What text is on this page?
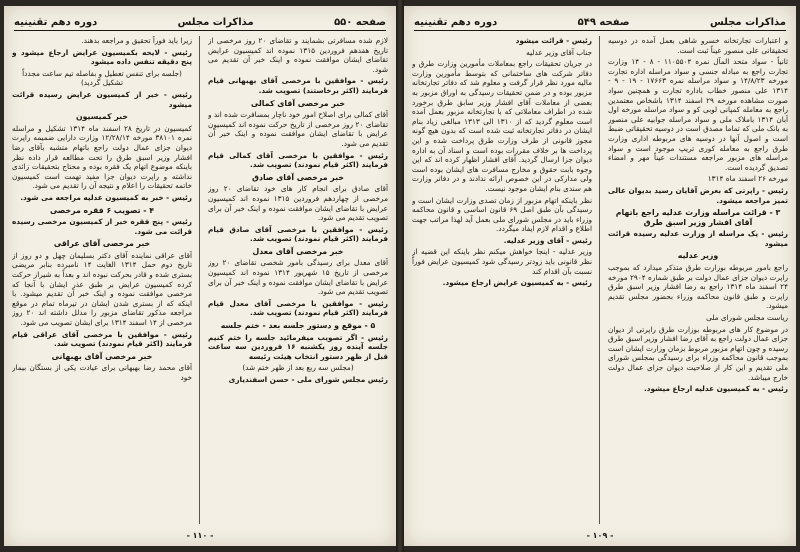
صفحه ۵۵۰
مذاکرات مجلس
دوره دهم تقنینیه

لازم شده مسافرتی بشمایند و تقاضای ۲۰ روز مرخصی از تاریخ هفدهم فروردین ۱۳۱۵ نموده اند کمیسیون عرایض تقاضای ایشان موافقت نموده و اینک خبر آن تقدیم می شود.

رئیس - موافقین با مرخصی آقای بهبهانی قیام فرمایند (اکثر برخاستند) تصویب شد.

خبر مرخصی آقای کمالی

آقای کمالی برای اصلاح امور خود ناچار بمسافرت شده اند و تقاضای ۲۰ روز مرخصی از تاریخ حرکت نموده اند کمیسیون عرایض با تقاضای ایشان موافقت نموده و اینک خبر آن تقدیم می شود.

رئیس - موافقین با مرخصی آقای کمالی قیام فرمایند (اکثر قیام نمودند) تصویب شد.

خبر مرخصی آقای صادق

آقای صادق برای انجام کار های خود تقاضای ۲۰ روز مرخصی از چهاردهم فروردین ۱۳۱۵ نموده اند کمیسیون عرایض با تقاضای ایشان موافقت نموده و اینک خبر آن برای تصویب تقدیم می شود.

رئیس - موافقین با مرخصی آقای صادق قیام فرمایند (اکثر قیام نمودند) تصویب شد.

خبر مرخصی آقای معدل

آقای معدل برای رسیدگی بامور شخصی تقاضای ۲۰ روز مرخصی از تاریخ ۱۵ شهریور ۱۳۱۴ نموده اند کمیسیون عرایض با تقاضای ایشان موافقت نموده و اینک خبر آن برای تصویب تقدیم می شود.

رئیس - موافقین با مرخصی آقای معدل قیام فرمایند (اکثر قیام نمودند) تصویب شد.

۵ - موقع و دستور جلسه بعد - ختم جلسه

رئیس - اگر تصویب میفرمائید جلسه را ختم کنیم جلسه آینده روز یکشنبه ۱۶ فروردین سه ساعت قبل از ظهر دستور انتخاب هیئت رئیسه

(مجلس سه ربع بعد از ظهر ختم شد)

رئیس مجلس شورای ملی - حسن اسفندیاری

زیرا باید فوراً تحقیق و مراجعه بدهند.

رئیس - لایحه بکمیسیون عرایض ارجاع میشود و پنج دقیقه تنفس داده میشود

(جلسه برای تنفس تعطیل و بفاصله تیم ساعت مجدداً تشکیل گردید)

رئیس - خبر از کمیسیون عرایض رسیده قرائت میشود

خبر کمیسیون

کمیسیون در تاریخ ۲۸ اسفند ماه ۱۳۱۴ تشکیل و مراسله نمره ۳۸۱۰۱ مورخه ۱۲/۲۸/۱۴ وزارت دارایی ضمیمه راپرت دیوان جزای عمال دولت راجع باتهام متشبه بآقای رضا افشار وزیر اسبق طرق را تحت مطالعه قرار داده نظر باینکه موضوع اتهام یک فقره بوده و محتاج بتحقیقات زائدی نداشته و راپرت دیوان جزا مفید تهمت است کمیسیون خاتمه تحقیقات را اعلام و نتیجه آن را تقدیم می شود.

رئیس - خبر به کمیسیون عدلیه مراجعه می شود.

۴ - تصویب ۶ فقره مرخصی

رئیس - پنج فقره خبر از کمیسیون مرخصی رسیده قرائت می شود.

خبر مرخصی آقای عراقی

آقای عراقی نماینده آقای دکتر بسلیمان چهل و دو روز از تاریخ دوم حمل ۱۳۱۴ الغایت ۱۴ نامبرده بنابر مریضی بستری شده و قادر بحرکت نبوده اند و بعداً به شیراز حرکت کرده کمیسیون عرایض بر طبق عذر ایشان با آنجا که مرخصی موافقت نموده و اینک خبر آن تقدیم میشود. با اینکه که از بستری شدن ایشان در تیرماه تمام در موقع مراجعه مذکور تقاضای مزبور را مدلل داشته اند ۲۰ روز مرخصی از ۱۴ اسفند ۱۳۱۴ برای ایشان تصویب می شود.

رئیس - موافقین با مرخصی آقای عراقی قیام فرمایند (اکثر قیام نمودند) تصویب شد.

خبر مرخصی آقای بهبهانی

آقای محمد رضا بهبهانی برای عیادت یکی از بستگان بیمار خود

- ۱۱۰ -
مذاکرات مجلس
صفحه ۵۴۹
دوره دهم تقنینیه

و اعتبارات تجارتخانه خسرو شاهی بعمل آمده در دوسیه تحقیقاتی علی منصور عیناً ثبت است.

ثانیاً - سواد متحد المآل نمره ۱۱۰۵۵۰۴ - ۸ - ۱۴ وزارت تجارت راجع به مبادله جنسی و سواد مراسله اداره تجارت مورخه ۱۴/۸/۲۳ و سواد مراسله نمره ۱۷۶۶۳ - ۱۹ - ۹ - ۱۳۱۴ علی منصور خطاب باداره تجارت و همچنین سواد صورت مشاهده مورخه ۲۹ اسفند ۱۳۱۴ باشخاص معتمدین راجع به معامله کمپانی لوبی کو و سواد مراسله مورخه اول آبان ۱۳۱۴ باملاک ملی و سواد مراسله جوابیه علی منصور به بانک ملی که تماما مصدق است در دوسیه تحقیقاتی ضبط است و اصول آنها در دوسیه های مربوطه اداری وزارت طرق راجع به معامله کوری تریپ موجود است و سواد مراسله های مزبور مراجعه مستندات عیناً مهر و امضاء تصدیق گردیده است.

مورخه ۲۶ اسفند ماه ۱۳۱۴

رئیس - راپرتی که بعرض آقایان رسید بدیوان عالی تمیز مراجعه میشود.

۳ - قرائت مراسله وزارت عدلیه راجع باتهام آقای افشار وزیر اسبق طرق

رئیس - یک مراسله از وزارت عدلیه رسیده قرائت میشود

وزیر عدلیه

راجع بامور مربوطه بوزارت طرق متذکر میدارد که بموجب راپرت دیوان جزای عمال دولت بر طبق شماره ۲۹۰۴ مورخه ۲۴ اسفند ماه ۱۳۱۴ راجع به رضا افشار وزیر اسبق طرق راپرت و طبق قانون محاکمه وزراء بحضور مجلس تقدیم میشود.

ریاست مجلس شورای ملی

در موضوع کار های مربوطه بوزارت طرق راپرتی از دیوان جزای عمال دولت راجع به آقای رضا افشار وزیر اسبق طرق رسیده و چون اتهام مزبور مربوط بزمان وزارت ایشان است بموجب قانون محاکمه وزراء برای رسیدگی بمجلس شورای ملی تقدیم و این کار از صلاحیت دیوان جزای عمال دولت خارج میباشد.

رئیس - به کمیسیون عدلیه ارجاع میشود.

رئیس - قرائت میشود

جناب آقای وزیر عدلیه

در جریان تحقیقات راجع بمعاملات مأمورین وزارت طرق و دفاتر شرکت های ساختمانی که بتوسط مأمورین وزارت مالیه مورد نظر قرار گرفت و معلوم شد که دفاتر تجارتخانه مزبور بوده و در ضمن تحقیقات رسیدگی به اوراق مزبور به بعضی از معاملات آقای افشار وزیر سابق طرق برخورد شده در اطراف معاملاتی که با تجارتخانه مزبور بعمل آمده است معلوم گردید که از ۱۳۱۰ الی ۱۳۱۳ مبالغی زیاد بنام ایشان در دفاتر تجارتخانه ثبت شده است که بدون هیچ گونه مجوز قانونی از طرف وزارت طرق پرداخت شده و این پرداخت ها بر خلاف مقررات بوده است و اسناد آن به اداره دیوان جزا ارسال گردید. آقای افشار اظهار کرده اند که این وجوه بابت حقوق و مخارج مسافرت های ایشان بوده است ولی مدارکی در این خصوص ارائه ندادند و در دفاتر وزارت هم سندی بنام ایشان موجود نیست.

نظر باینکه اتهام مزبور از زمان تصدی وزارت ایشان است و رسیدگی بآن طبق اصل ۶۹ قانون اساسی و قانون محاکمه وزراء باید در مجلس شورای ملی بعمل آید لهذا مراتب جهت اطلاع و اقدام لازم ایفاد میگردد.

رئیس - آقای وزیر عدلیه.

وزیر عدلیه - اینجا خواهش میکنم نظر باینکه این قضیه از نظر قانونی باید زودتر رسیدگی شود کمیسیون عرایض فوراً نسبت بآن اقدام کند

رئیس - به کمیسیون عرایض ارجاع میشود.

- ۱۰۹ -
